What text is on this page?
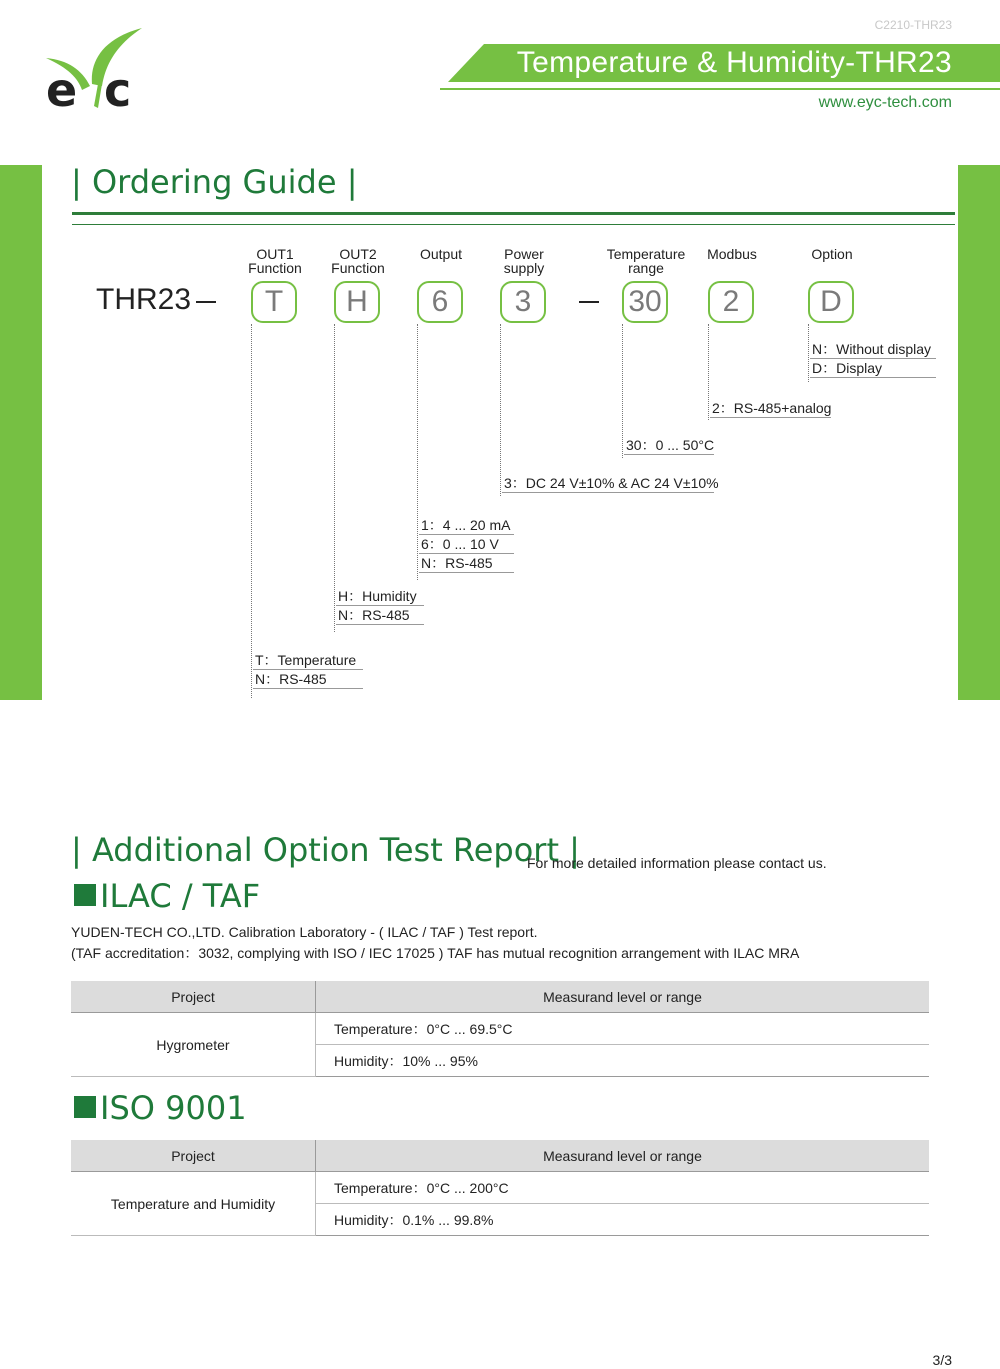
e c
C2210-THR23
Temperature & Humidity-THR23
www.eyc-tech.com
| Ordering Guide |
THR23
OUT1
Function
OUT2
Function
Output	Power
supply
Temperature
range
Modbus	Option
T	H	6	3	30	2	D
N：Without display
D：Display
2：RS-485+analog
30：0 ... 50°C
3：DC 24 V±10% & AC 24 V±10%
1：4 ... 20 mA
6：0 ... 10 V
N：RS-485
H：Humidity
N：RS-485
T：Temperature
N：RS-485
| Additional Option Test Report |
For more detailed information please contact us.
ILAC / TAF
YUDEN-TECH CO.,LTD. Calibration Laboratory - ( ILAC / TAF ) Test report.
(TAF accreditation：3032, complying with ISO / IEC 17025 ) TAF has mutual recognition arrangement with ILAC MRA
Project	Measurand level or range
Hygrometer	Temperature：0°C ... 69.5°C
	Humidity：10% ... 95%
ISO 9001
Project	Measurand level or range
Temperature and Humidity	Temperature：0°C ... 200°C
	Humidity：0.1% ... 99.8%
3/3
